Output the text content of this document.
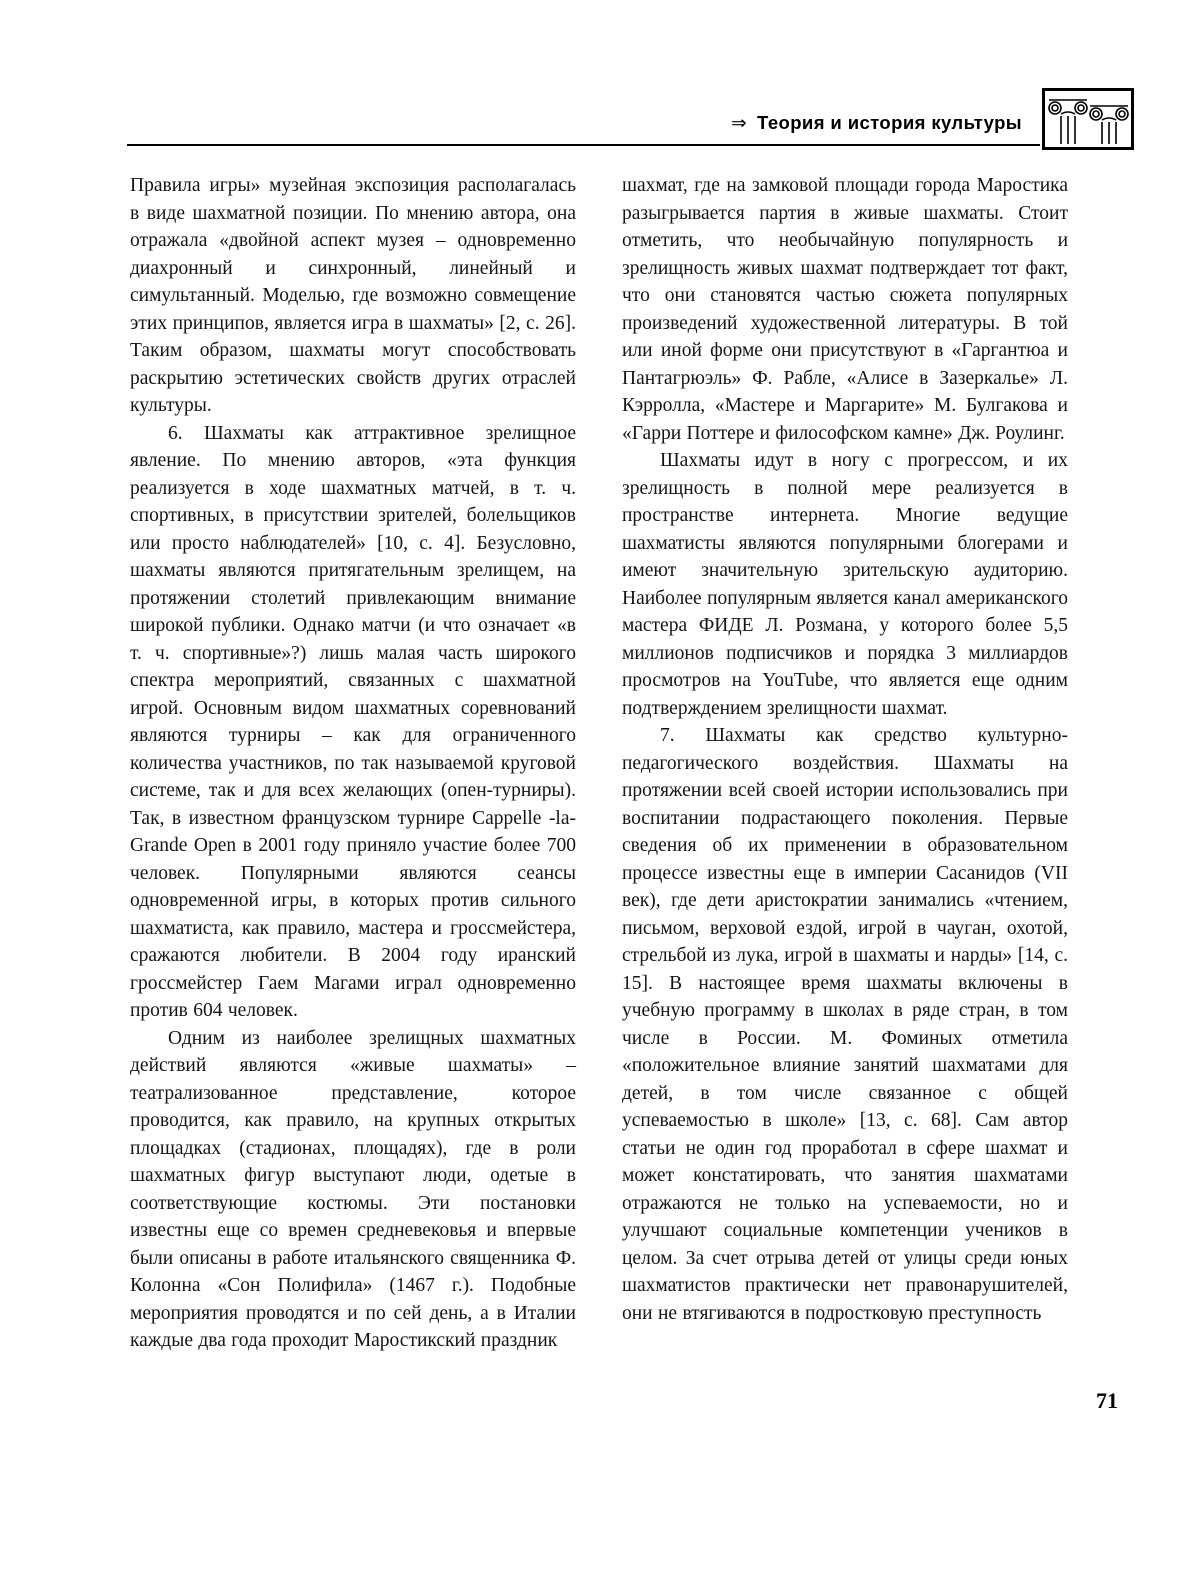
⇒ Теория и история культуры

Правила игры» музейная экспозиция располагалась в виде шахматной позиции. По мнению автора, она отражала «двойной аспект музея – одновременно диахронный и синхронный, линейный и симультанный. Моделью, где возможно совмещение этих принципов, является игра в шахматы» [2, с. 26]. Таким образом, шахматы могут способствовать раскрытию эстетических свойств других отраслей культуры.

6. Шахматы как аттрактивное зрелищное явление. По мнению авторов, «эта функция реализуется в ходе шахматных матчей, в т. ч. спортивных, в присутствии зрителей, болельщиков или просто наблюдателей» [10, с. 4]. Безусловно, шахматы являются притягательным зрелищем, на протяжении столетий привлекающим внимание широкой публики. Однако матчи (и что означает «в т. ч. спортивные»?) лишь малая часть широкого спектра мероприятий, связанных с шахматной игрой. Основным видом шахматных соревнований являются турниры – как для ограниченного количества участников, по так называемой круговой системе, так и для всех желающих (опен-турниры). Так, в известном французском турнире Cappelle -la-Grande Open в 2001 году приняло участие более 700 человек. Популярными являются сеансы одновременной игры, в которых против сильного шахматиста, как правило, мастера и гроссмейстера, сражаются любители. В 2004 году иранский гроссмейстер Гаем Магами играл одновременно против 604 человек.

Одним из наиболее зрелищных шахматных действий являются «живые шахматы» – театрализованное представление, которое проводится, как правило, на крупных открытых площадках (стадионах, площадях), где в роли шахматных фигур выступают люди, одетые в соответствующие костюмы. Эти постановки известны еще со времен средневековья и впервые были описаны в работе итальянского священника Ф. Колонна «Сон Полифила» (1467 г.). Подобные мероприятия проводятся и по сей день, а в Италии каждые два года проходит Маростикский праздник

шахмат, где на замковой площади города Маростика разыгрывается партия в живые шахматы. Стоит отметить, что необычайную популярность и зрелищность живых шахмат подтверждает тот факт, что они становятся частью сюжета популярных произведений художественной литературы. В той или иной форме они присутствуют в «Гаргантюа и Пантагрюэль» Ф. Рабле, «Алисе в Зазеркалье» Л. Кэрролла, «Мастере и Маргарите» М. Булгакова и «Гарри Поттере и философском камне» Дж. Роулинг.

Шахматы идут в ногу с прогрессом, и их зрелищность в полной мере реализуется в пространстве интернета. Многие ведущие шахматисты являются популярными блогерами и имеют значительную зрительскую аудиторию. Наиболее популярным является канал американского мастера ФИДЕ Л. Розмана, у которого более 5,5 миллионов подписчиков и порядка 3 миллиардов просмотров на YouTube, что является еще одним подтверждением зрелищности шахмат.

7. Шахматы как средство культурно-педагогического воздействия. Шахматы на протяжении всей своей истории использовались при воспитании подрастающего поколения. Первые сведения об их применении в образовательном процессе известны еще в империи Сасанидов (VII век), где дети аристократии занимались «чтением, письмом, верховой ездой, игрой в чауган, охотой, стрельбой из лука, игрой в шахматы и нарды» [14, с. 15]. В настоящее время шахматы включены в учебную программу в школах в ряде стран, в том числе в России. М. Фоминых отметила «положительное влияние занятий шахматами для детей, в том числе связанное с общей успеваемостью в школе» [13, с. 68]. Сам автор статьи не один год проработал в сфере шахмат и может констатировать, что занятия шахматами отражаются не только на успеваемости, но и улучшают социальные компетенции учеников в целом. За счет отрыва детей от улицы среди юных шахматистов практически нет правонарушителей, они не втягиваются в подростковую преступность

71
